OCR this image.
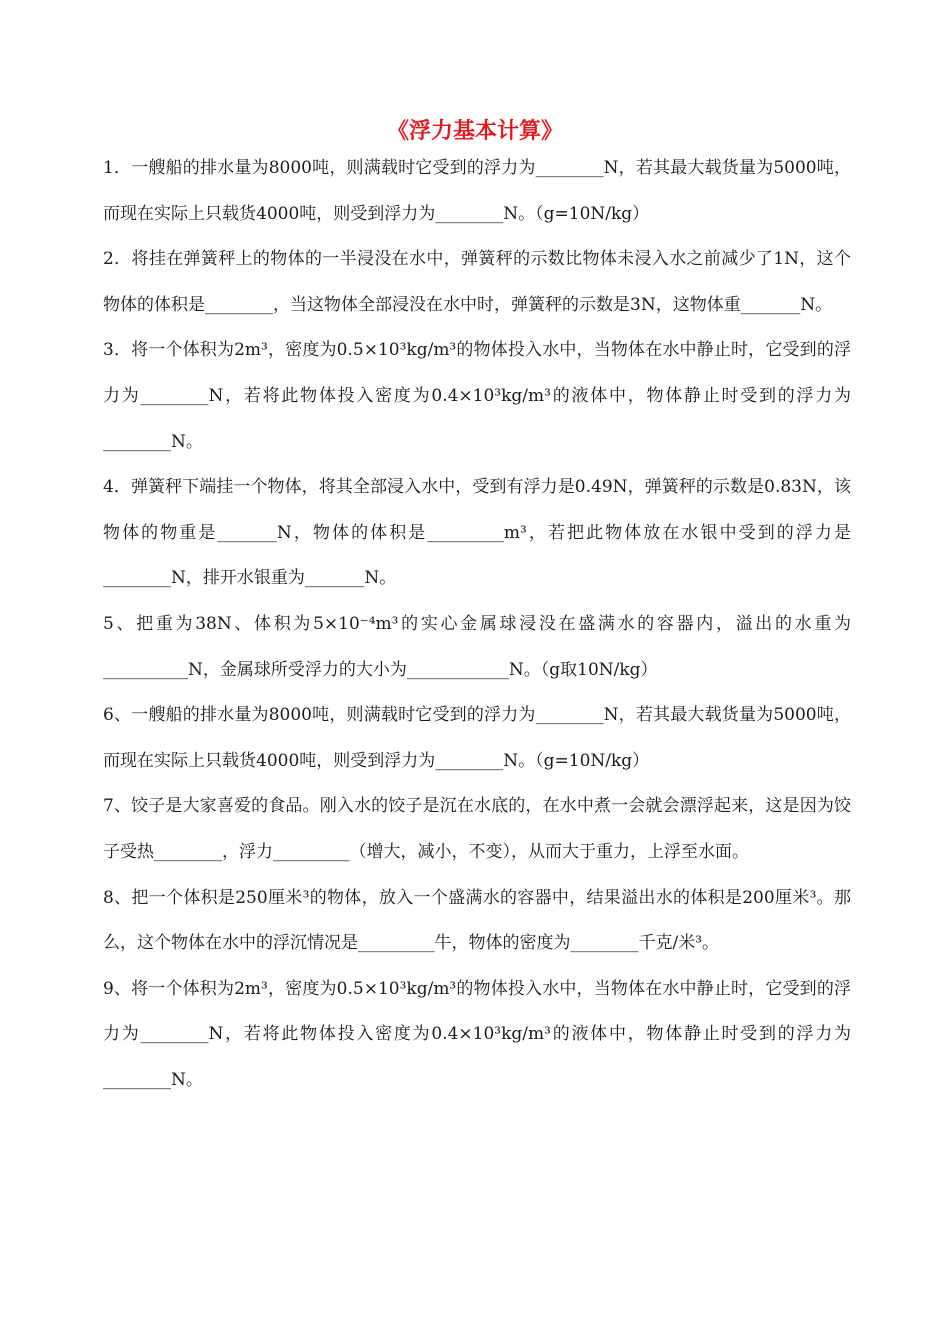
《浮力基本计算》

1．一艘船的排水量为8000吨，则满载时它受到的浮力为________N，若其最大载货量为5000吨，而现在实际上只载货4000吨，则受到浮力为________N。（g=10N/kg）

2．将挂在弹簧秤上的物体的一半浸没在水中，弹簧秤的示数比物体未浸入水之前减少了1N，这个物体的体积是________，当这物体全部浸没在水中时，弹簧秤的示数是3N，这物体重_______N。

3．将一个体积为2m³，密度为0.5×10³kg/m³的物体投入水中，当物体在水中静止时，它受到的浮力为________N，若将此物体投入密度为0.4×10³kg/m³的液体中，物体静止时受到的浮力为________N。

4．弹簧秤下端挂一个物体，将其全部浸入水中，受到有浮力是0.49N，弹簧秤的示数是0.83N，该物体的物重是_______N，物体的体积是_________m³，若把此物体放在水银中受到的浮力是________N，排开水银重为_______N。

5、把重为38N、体积为5×10⁻⁴m³的实心金属球浸没在盛满水的容器内，溢出的水重为__________N，金属球所受浮力的大小为____________N。（g取10N/kg）

6、一艘船的排水量为8000吨，则满载时它受到的浮力为________N，若其最大载货量为5000吨，而现在实际上只载货4000吨，则受到浮力为________N。（g=10N/kg）

7、饺子是大家喜爱的食品。刚入水的饺子是沉在水底的，在水中煮一会就会漂浮起来，这是因为饺子受热________，浮力_________（增大，减小，不变），从而大于重力，上浮至水面。

8、把一个体积是250厘米³的物体，放入一个盛满水的容器中，结果溢出水的体积是200厘米³。那么，这个物体在水中的浮沉情况是_________牛，物体的密度为________千克/米³。

9、将一个体积为2m³，密度为0.5×10³kg/m³的物体投入水中，当物体在水中静止时，它受到的浮力为________N，若将此物体投入密度为0.4×10³kg/m³的液体中，物体静止时受到的浮力为________N。
